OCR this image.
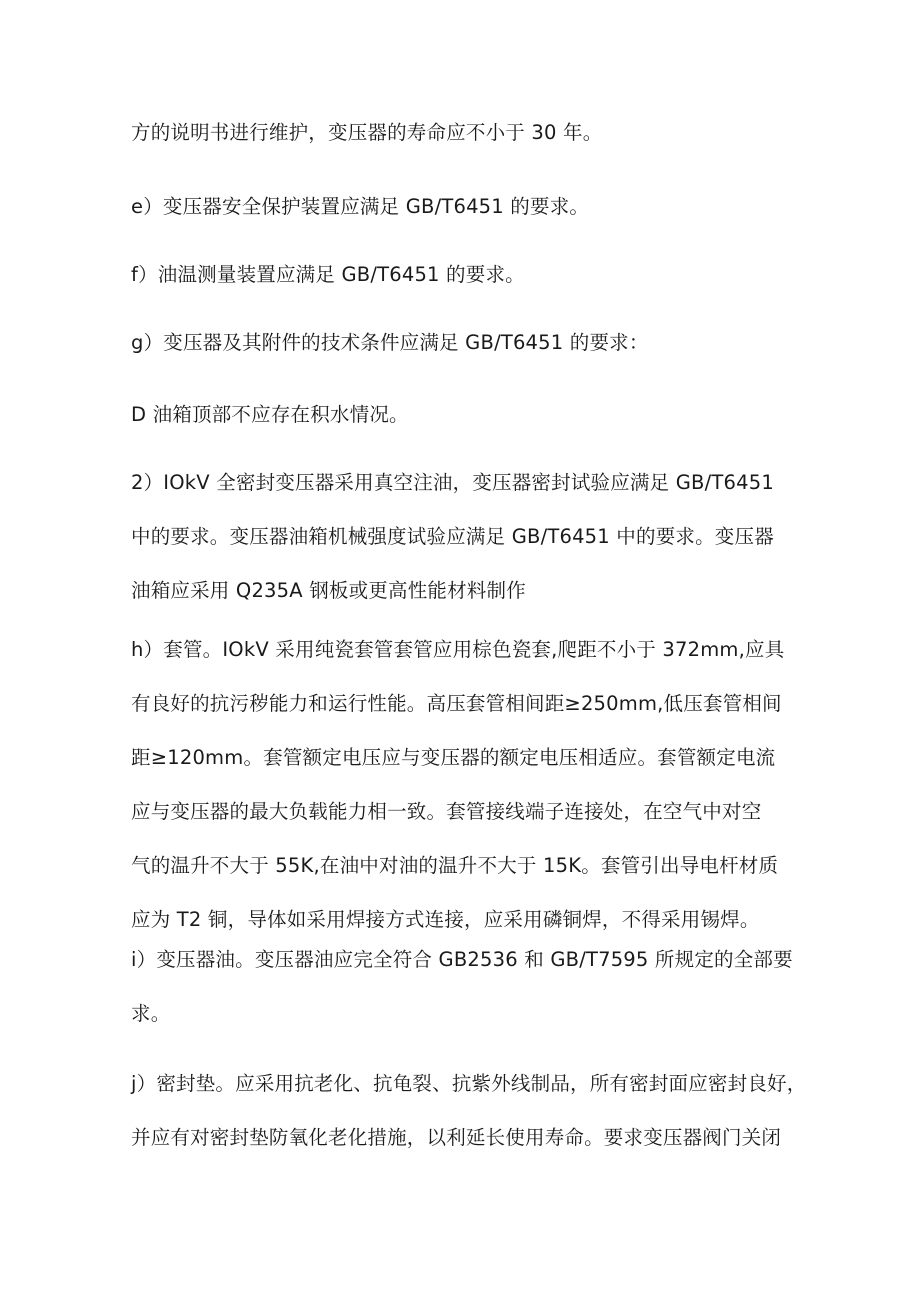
方的说明书进行维护，变压器的寿命应不小于 30 年。
e）变压器安全保护装置应满足 GB/T6451 的要求。
f）油温测量装置应满足 GB/T6451 的要求。
g）变压器及其附件的技术条件应满足 GB/T6451 的要求：
D 油箱顶部不应存在积水情况。
2）IOkV 全密封变压器采用真空注油，变压器密封试验应满足 GB/T6451
中的要求。变压器油箱机械强度试验应满足 GB/T6451 中的要求。变压器
油箱应采用 Q235A 钢板或更高性能材料制作
h）套管。IOkV 采用纯瓷套管套管应用棕色瓷套,爬距不小于 372mm,应具
有良好的抗污秽能力和运行性能。高压套管相间距≥250mm,低压套管相间
距≥120mm。套管额定电压应与变压器的额定电压相适应。套管额定电流
应与变压器的最大负载能力相一致。套管接线端子连接处，在空气中对空
气的温升不大于 55K,在油中对油的温升不大于 15K。套管引出导电杆材质
应为 T2 铜，导体如采用焊接方式连接，应采用磷铜焊，不得采用锡焊。
i）变压器油。变压器油应完全符合 GB2536 和 GB/T7595 所规定的全部要
求。
j）密封垫。应采用抗老化、抗龟裂、抗紫外线制品，所有密封面应密封良好，
并应有对密封垫防氧化老化措施，以利延长使用寿命。要求变压器阀门关闭
